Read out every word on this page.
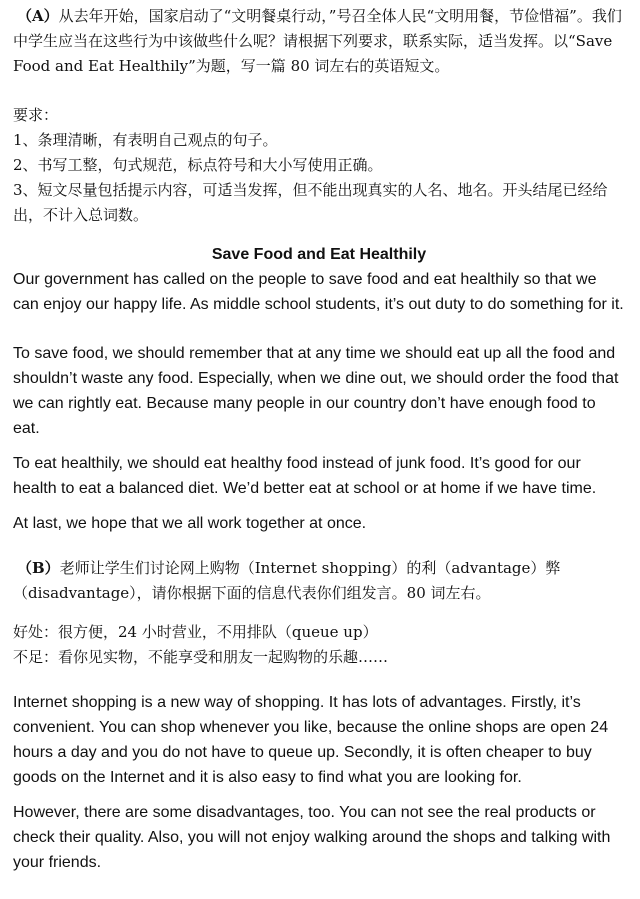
（A）从去年开始，国家启动了“文明餐桌行动，”号召全体人民“文明用餐，节俭惜福”。我们中学生应当在这些行为中该做些什么呢？请根据下列要求，联系实际，适当发挥。以“Save Food and Eat Healthily”为题，写一篇 80 词左右的英语短文。

要求：

1、条理清晰，有表明自己观点的句子。

2、书写工整，句式规范，标点符号和大小写使用正确。

3、短文尽量包括提示内容，可适当发挥，但不能出现真实的人名、地名。开头结尾已经给出，不计入总词数。

Save Food and Eat Healthily

Our government has called on the people to save food and eat healthily so that we can enjoy our happy life. As middle school students, it’s out duty to do something for it.

To save food, we should remember that at any time we should eat up all the food and shouldn’t waste any food. Especially, when we dine out, we should order the food that we can rightly eat. Because many people in our country don’t have enough food to eat.

To eat healthily, we should eat healthy food instead of junk food. It’s good for our health to eat a balanced diet. We’d better eat at school or at home if we have time.

At last, we hope that we all work together at once.

（B）老师让学生们讨论网上购物（Internet shopping）的利（advantage）弊（disadvantage），请你根据下面的信息代表你们组发言。80 词左右。

好处：很方便，24 小时营业，不用排队（queue up）

不足：看你见实物，不能享受和朋友一起购物的乐趣……

Internet shopping is a new way of shopping. It has lots of advantages. Firstly, it’s convenient. You can shop whenever you like, because the online shops are open 24 hours a day and you do not have to queue up. Secondly, it is often cheaper to buy goods on the Internet and it is also easy to find what you are looking for.

However, there are some disadvantages, too. You can not see the real products or check their quality. Also, you will not enjoy walking around the shops and talking with your friends.
